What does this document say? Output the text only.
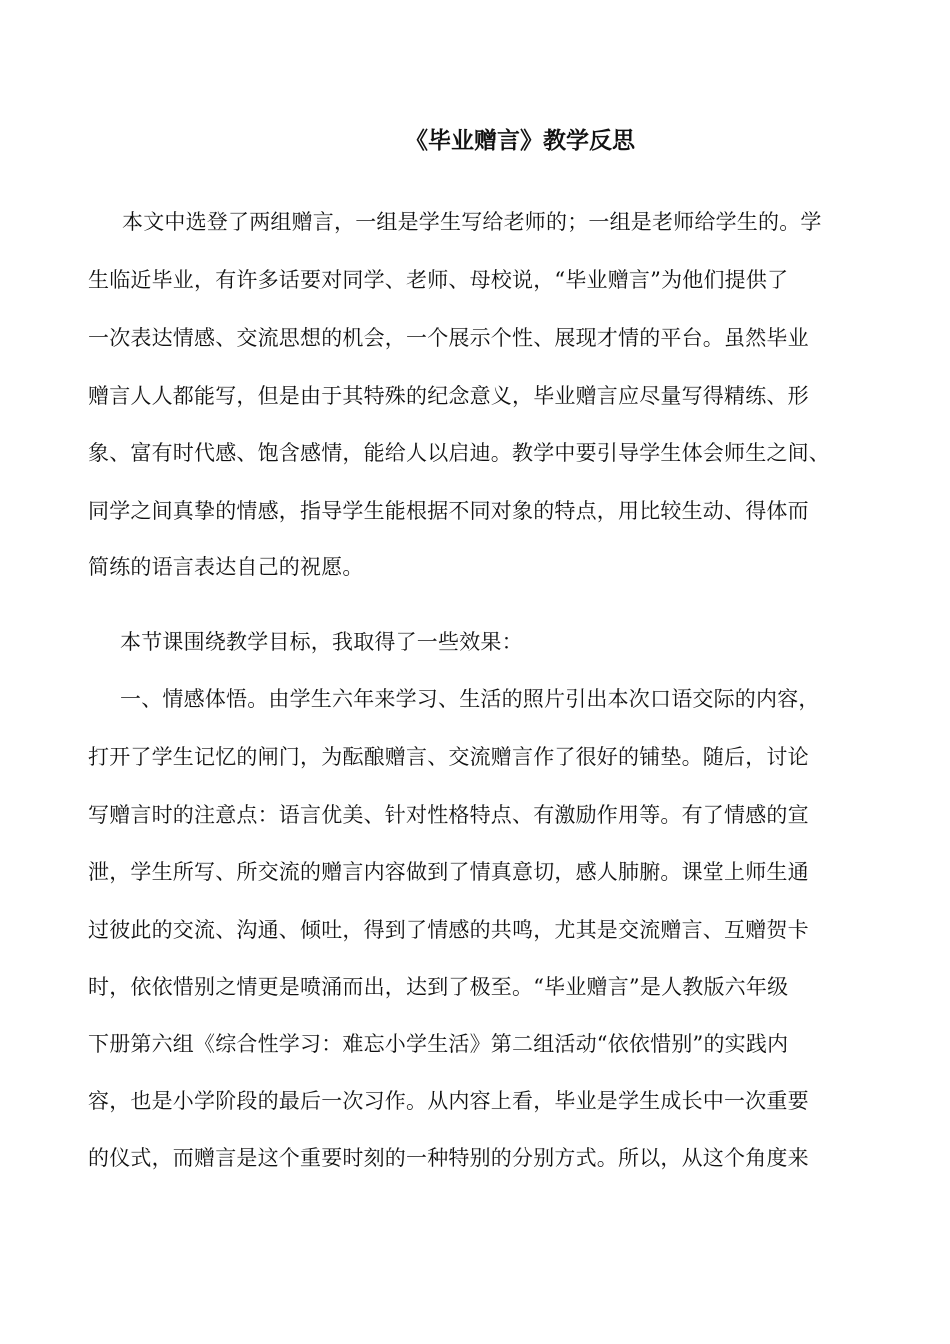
《毕业赠言》教学反思
本文中选登了两组赠言，一组是学生写给老师的；一组是老师给学生的。学
生临近毕业，有许多话要对同学、老师、母校说，“毕业赠言”为他们提供了
一次表达情感、交流思想的机会，一个展示个性、展现才情的平台。虽然毕业
赠言人人都能写，但是由于其特殊的纪念意义，毕业赠言应尽量写得精练、形
象、富有时代感、饱含感情，能给人以启迪。教学中要引导学生体会师生之间、
同学之间真挚的情感，指导学生能根据不同对象的特点，用比较生动、得体而
简练的语言表达自己的祝愿。
本节课围绕教学目标，我取得了一些效果：
一、情感体悟。由学生六年来学习、生活的照片引出本次口语交际的内容，
打开了学生记忆的闸门，为酝酿赠言、交流赠言作了很好的铺垫。随后，讨论
写赠言时的注意点：语言优美、针对性格特点、有激励作用等。有了情感的宣
泄，学生所写、所交流的赠言内容做到了情真意切，感人肺腑。课堂上师生通
过彼此的交流、沟通、倾吐，得到了情感的共鸣，尤其是交流赠言、互赠贺卡
时，依依惜别之情更是喷涌而出，达到了极至。“毕业赠言”是人教版六年级
下册第六组《综合性学习：难忘小学生活》第二组活动“依依惜别”的实践内
容，也是小学阶段的最后一次习作。从内容上看，毕业是学生成长中一次重要
的仪式，而赠言是这个重要时刻的一种特别的分别方式。所以，从这个角度来
